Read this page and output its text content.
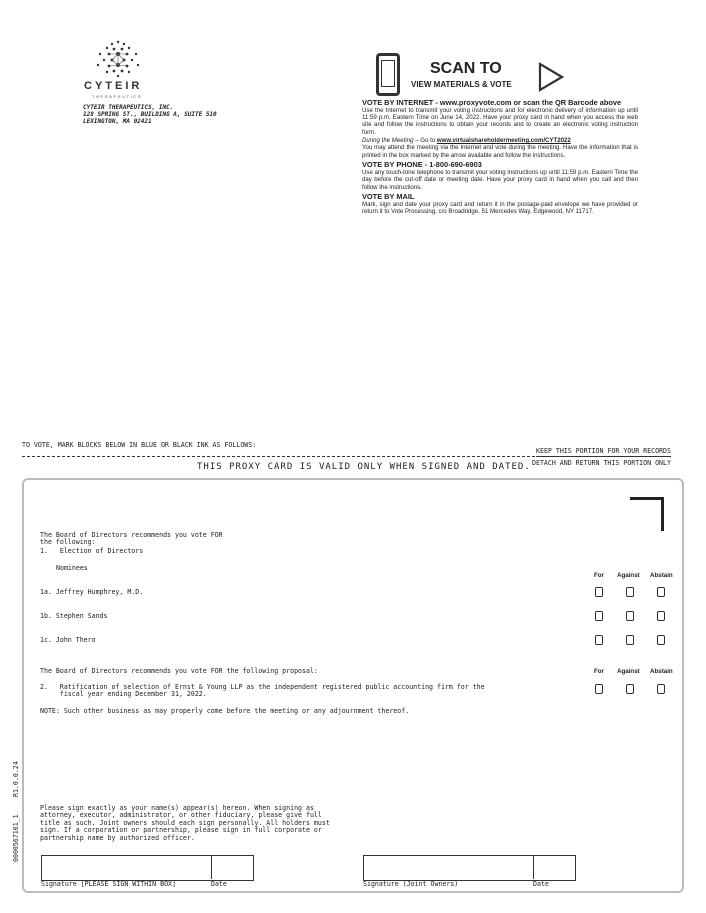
CYTEIR
THERAPEUTICS
CYTEIR THERAPEUTICS, INC.
128 SPRING ST., BUILDING A, SUITE 510
LEXINGTON, MA 02421
SCAN TO
VIEW MATERIALS & VOTE
VOTE BY INTERNET - www.proxyvote.com or scan the QR Barcode above

Use the Internet to transmit your voting instructions and for electronic delivery of information up until 11:59 p.m. Eastern Time on June 14, 2022. Have your proxy card in hand when you access the web site and follow the instructions to obtain your records and to create an electronic voting instruction form.

During the Meeting – Go to www.virtualshareholdermeeting.com/CYT2022
You may attend the meeting via the Internet and vote during the meeting. Have the information that is printed in the box marked by the arrow available and follow the instructions.

VOTE BY PHONE - 1-800-690-6903

Use any touch-tone telephone to transmit your voting instructions up until 11:59 p.m. Eastern Time the day before the cut-off date or meeting date. Have your proxy card in hand when you call and then follow the instructions.

VOTE BY MAIL

Mark, sign and date your proxy card and return it in the postage-paid envelope we have provided or return it to Vote Processing, c/o Broadridge, 51 Mercedes Way, Edgewood, NY 11717.

TO VOTE, MARK BLOCKS BELOW IN BLUE OR BLACK INK AS FOLLOWS:
KEEP THIS PORTION FOR YOUR RECORDS
DETACH AND RETURN THIS PORTION ONLY
THIS PROXY CARD IS VALID ONLY WHEN SIGNED AND DATED.
The Board of Directors recommends you vote FOR
the following:
1.   Election of Directors
Nominees
For Against Abstain
1a. Jeffrey Humphrey, M.D.
1b. Stephen Sands
1c. John Thero
The Board of Directors recommends you vote FOR the following proposal:	For Against Abstain
2.   Ratification of selection of Ernst & Young LLP as the independent registered public accounting firm for the
fiscal year ending December 31, 2022.
NOTE: Such other business as may properly come before the meeting or any adjournment thereof.
Please sign exactly as your name(s) appear(s) hereon. When signing as
attorney, executor, administrator, or other fiduciary, please give full
title as such. Joint owners should each sign personally. All holders must
sign. If a corporation or partnership, please sign in full corporate or
partnership name by authorized officer.
Signature [PLEASE SIGN WITHIN BOX]	Date	Signature (Joint Owners)	Date
0000567161_1
R1.0.0.24
